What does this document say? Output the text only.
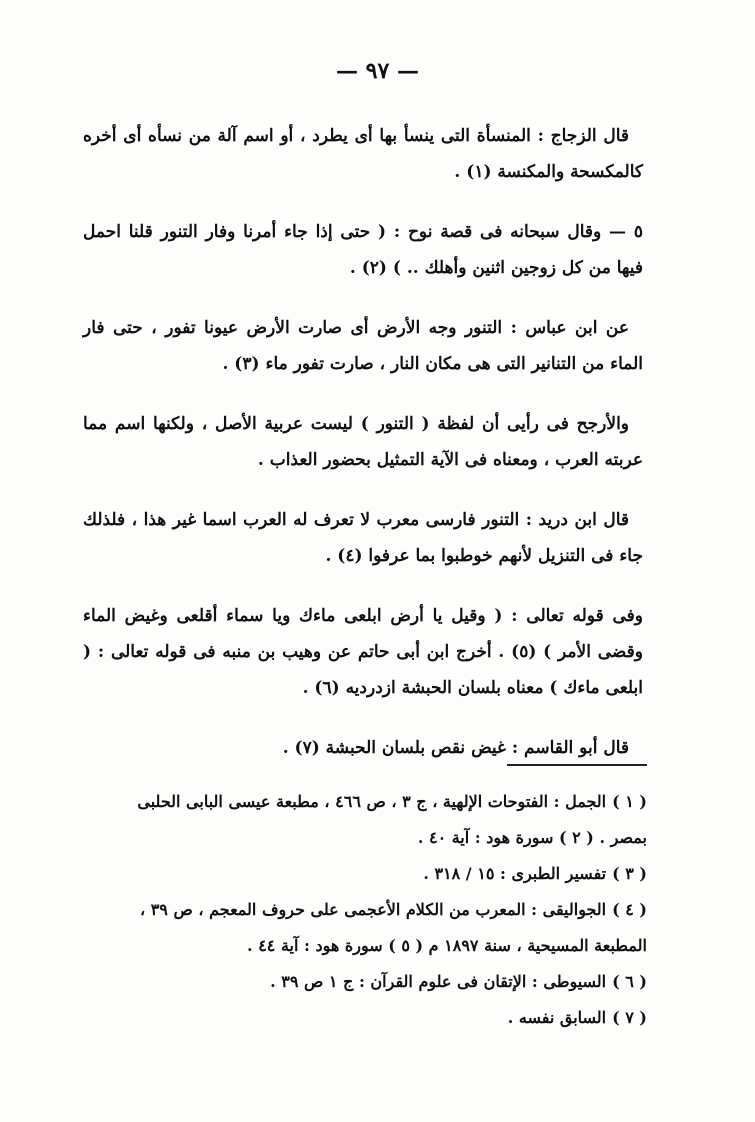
— ٩٧ —

قال الزجاج : المنسأة التى ينسأ بها أى يطرد ، أو اسم آلة من نسأه أى أخره كالمكسحة والمكنسة (١) .

٥ — وقال سبحانه فى قصة نوح : ( حتى إذا جاء أمرنا وفار التنور قلنا احمل فيها من كل زوجين اثنين وأهلك .. ) (٢) .

عن ابن عباس : التنور وجه الأرض أى صارت الأرض عيونا تفور ، حتى فار الماء من التنانير التى هى مكان النار ، صارت تفور ماء (٣) .

والأرجح فى رأيى أن لفظة ( التنور ) ليست عربية الأصل ، ولكنها اسم مما عربته العرب ، ومعناه فى الآية التمثيل بحضور العذاب .

قال ابن دريد : التنور فارسى معرب لا تعرف له العرب اسما غير هذا ، فلذلك جاء فى التنزيل لأنهم خوطبوا بما عرفوا (٤) .

وفى قوله تعالى : ( وقيل يا أرض ابلعى ماءك ويا سماء أقلعى وغيض الماء وقضى الأمر ) (٥) . أخرج ابن أبى حاتم عن وهيب بن منبه فى قوله تعالى : ( ابلعى ماءك ) معناه بلسان الحبشة ازدرديه (٦) .

قال أبو القاسم : غيض نقص بلسان الحبشة (٧) .

( ١ )الجمل : الفتوحات الإلهية ، ج ٣ ، ص ٤٦٦ ، مطبعة عيسى البابى الحلبى بمصر . ( ٢ ) سورة هود : آية ٤٠ .

( ٣ )تفسير الطبرى : ١٥ / ٣١٨ .

( ٤ )الجواليقى : المعرب من الكلام الأعجمى على حروف المعجم ، ص ٣٩ ، المطبعة المسيحية ، سنة ١٨٩٧ م ( ٥ ) سورة هود : آية ٤٤ .

( ٦ )السيوطى : الإتقان فى علوم القرآن : ج ١ ص ٣٩ .

( ٧ )السابق نفسه .
